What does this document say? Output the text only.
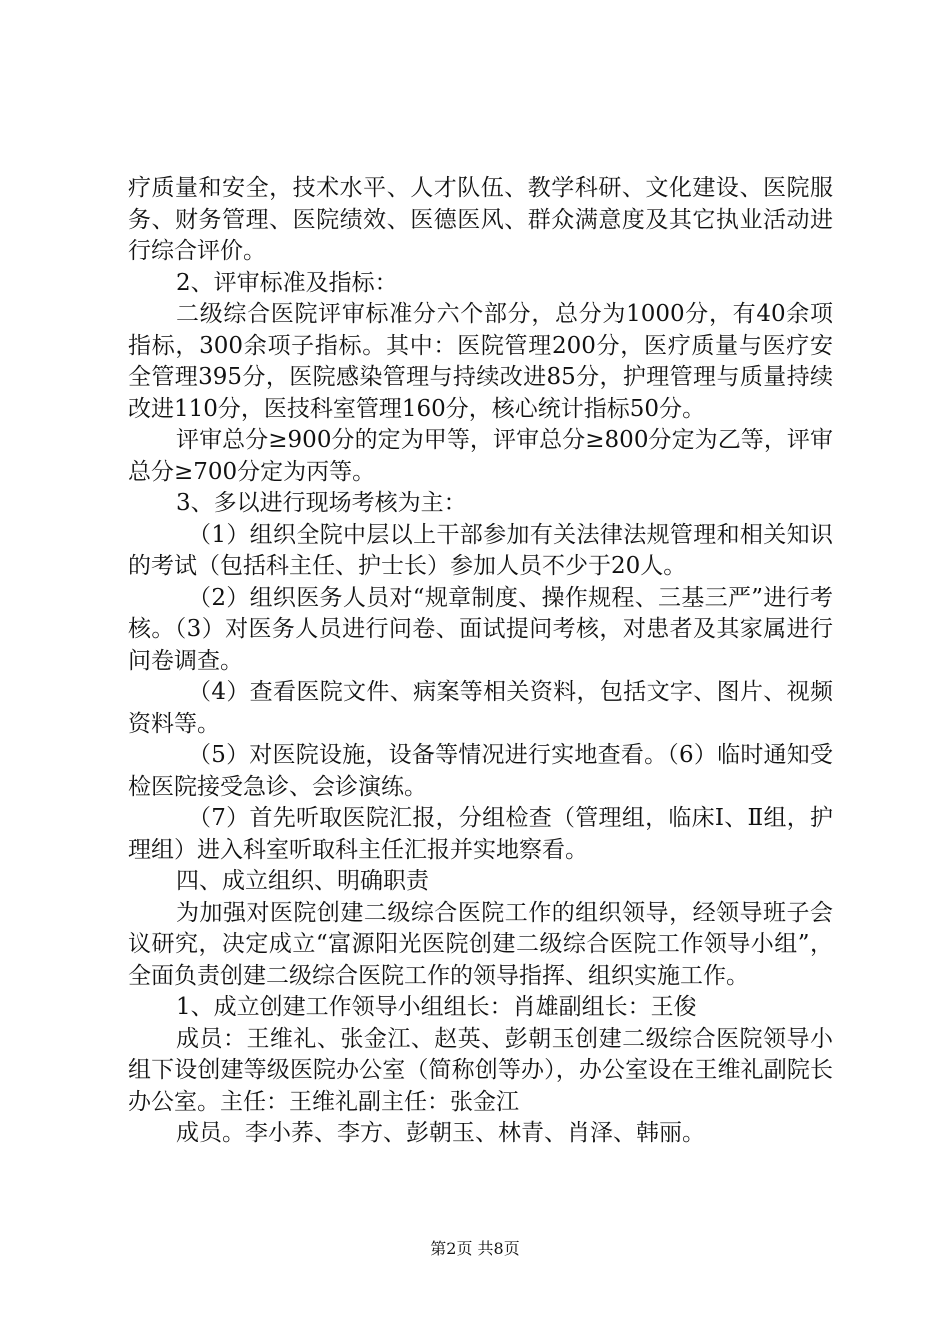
疗质量和安全，技术水平、人才队伍、教学科研、文化建设、医院服务、财务管理、医院绩效、医德医风、群众满意度及其它执业活动进行综合评价。

2、评审标准及指标：

二级综合医院评审标准分六个部分，总分为1000分，有40余项指标，300余项子指标。其中：医院管理200分，医疗质量与医疗安全管理395分，医院感染管理与持续改进85分，护理管理与质量持续改进110分，医技科室管理160分，核心统计指标50分。

评审总分≥900分的定为甲等，评审总分≥800分定为乙等，评审总分≥700分定为丙等。

3、多以进行现场考核为主：

（1）组织全院中层以上干部参加有关法律法规管理和相关知识的考试（包括科主任、护士长）参加人员不少于20人。

（2）组织医务人员对“规章制度、操作规程、三基三严”进行考核。（3）对医务人员进行问卷、面试提问考核，对患者及其家属进行问卷调查。

（4）查看医院文件、病案等相关资料，包括文字、图片、视频资料等。

（5）对医院设施，设备等情况进行实地查看。（6）临时通知受检医院接受急诊、会诊演练。

（7）首先听取医院汇报，分组检查（管理组，临床Ⅰ、Ⅱ组，护理组）进入科室听取科主任汇报并实地察看。

四、成立组织、明确职责

为加强对医院创建二级综合医院工作的组织领导，经领导班子会议研究，决定成立“富源阳光医院创建二级综合医院工作领导小组”，全面负责创建二级综合医院工作的领导指挥、组织实施工作。

1、成立创建工作领导小组组长：肖雄副组长：王俊

成员：王维礼、张金江、赵英、彭朝玉创建二级综合医院领导小组下设创建等级医院办公室（简称创等办），办公室设在王维礼副院长办公室。主任：王维礼副主任：张金江

成员。李小荞、李方、彭朝玉、林青、肖泽、韩丽。

第2页 共8页
